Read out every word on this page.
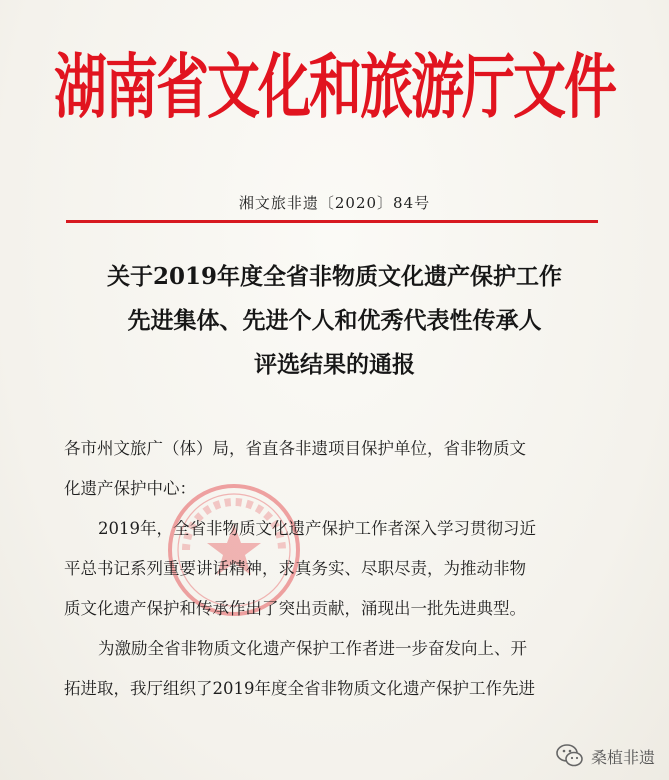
湖南省文化和旅游厅文件
湘文旅非遗〔2020〕84号
关于2019年度全省非物质文化遗产保护工作
先进集体、先进个人和优秀代表性传承人
评选结果的通报
各市州文旅广（体）局，省直各非遗项目保护单位，省非物质文
化遗产保护中心：
2019年，全省非物质文化遗产保护工作者深入学习贯彻习近
平总书记系列重要讲话精神，求真务实、尽职尽责，为推动非物
质文化遗产保护和传承作出了突出贡献，涌现出一批先进典型。
为激励全省非物质文化遗产保护工作者进一步奋发向上、开
拓进取，我厅组织了2019年度全省非物质文化遗产保护工作先进
桑植非遗
